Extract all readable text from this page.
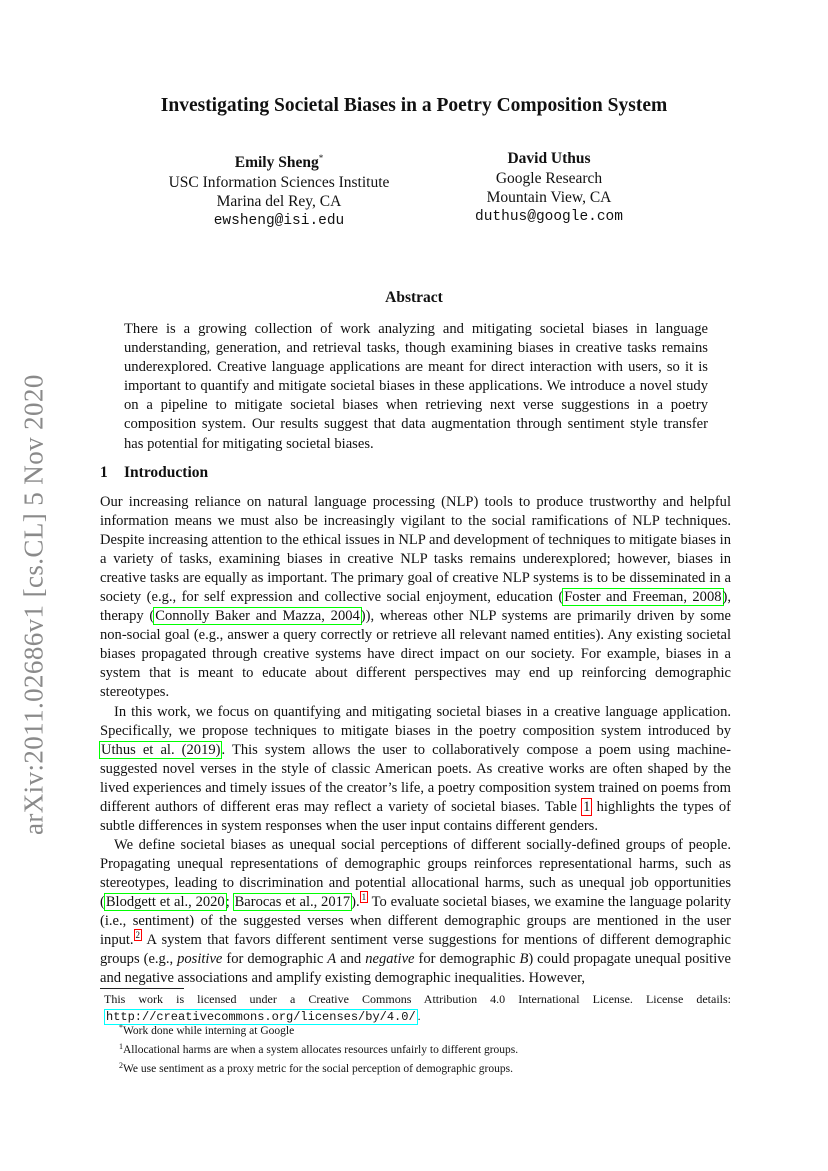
arXiv:2011.02686v1 [cs.CL] 5 Nov 2020
Investigating Societal Biases in a Poetry Composition System
Emily Sheng*
USC Information Sciences Institute
Marina del Rey, CA
ewsheng@isi.edu
David Uthus
Google Research
Mountain View, CA
duthus@google.com
Abstract
There is a growing collection of work analyzing and mitigating societal biases in language understanding, generation, and retrieval tasks, though examining biases in creative tasks remains underexplored. Creative language applications are meant for direct interaction with users, so it is important to quantify and mitigate societal biases in these applications. We introduce a novel study on a pipeline to mitigate societal biases when retrieving next verse suggestions in a poetry composition system. Our results suggest that data augmentation through sentiment style transfer has potential for mitigating societal biases.
1 Introduction

Our increasing reliance on natural language processing (NLP) tools to produce trustworthy and helpful information means we must also be increasingly vigilant to the social ramifications of NLP techniques. Despite increasing attention to the ethical issues in NLP and development of techniques to mitigate biases in a variety of tasks, examining biases in creative NLP tasks remains underexplored; however, biases in creative tasks are equally as important. The primary goal of creative NLP systems is to be disseminated in a society (e.g., for self expression and collective social enjoyment, education (Foster and Freeman, 2008), therapy (Connolly Baker and Mazza, 2004)), whereas other NLP systems are primarily driven by some non-social goal (e.g., answer a query correctly or retrieve all relevant named entities). Any existing societal biases propagated through creative systems have direct impact on our society. For example, biases in a system that is meant to educate about different perspectives may end up reinforcing demographic stereotypes.

In this work, we focus on quantifying and mitigating societal biases in a creative language application. Specifically, we propose techniques to mitigate biases in the poetry composition system introduced by Uthus et al. (2019). This system allows the user to collaboratively compose a poem using machine-suggested novel verses in the style of classic American poets. As creative works are often shaped by the lived experiences and timely issues of the creator’s life, a poetry composition system trained on poems from different authors of different eras may reflect a variety of societal biases. Table 1 highlights the types of subtle differences in system responses when the user input contains different genders.

We define societal biases as unequal social perceptions of different socially-defined groups of people. Propagating unequal representations of demographic groups reinforces representational harms, such as stereotypes, leading to discrimination and potential allocational harms, such as unequal job opportunities (Blodgett et al., 2020; Barocas et al., 2017). $^1$ To evaluate societal biases, we examine the language polarity (i.e., sentiment) of the suggested verses when different demographic groups are mentioned in the user input. $^2$ A system that favors different sentiment verse suggestions for mentions of different demographic groups (e.g., positive for demographic A and negative for demographic B) could propagate unequal positive and negative associations and amplify existing demographic inequalities. However,

This work is licensed under a Creative Commons Attribution 4.0 International License. License details: http://creativecommons.org/licenses/by/4.0/ .
*Work done while interning at Google
$^1$Allocational harms are when a system allocates resources unfairly to different groups.
$^2$We use sentiment as a proxy metric for the social perception of demographic groups.
